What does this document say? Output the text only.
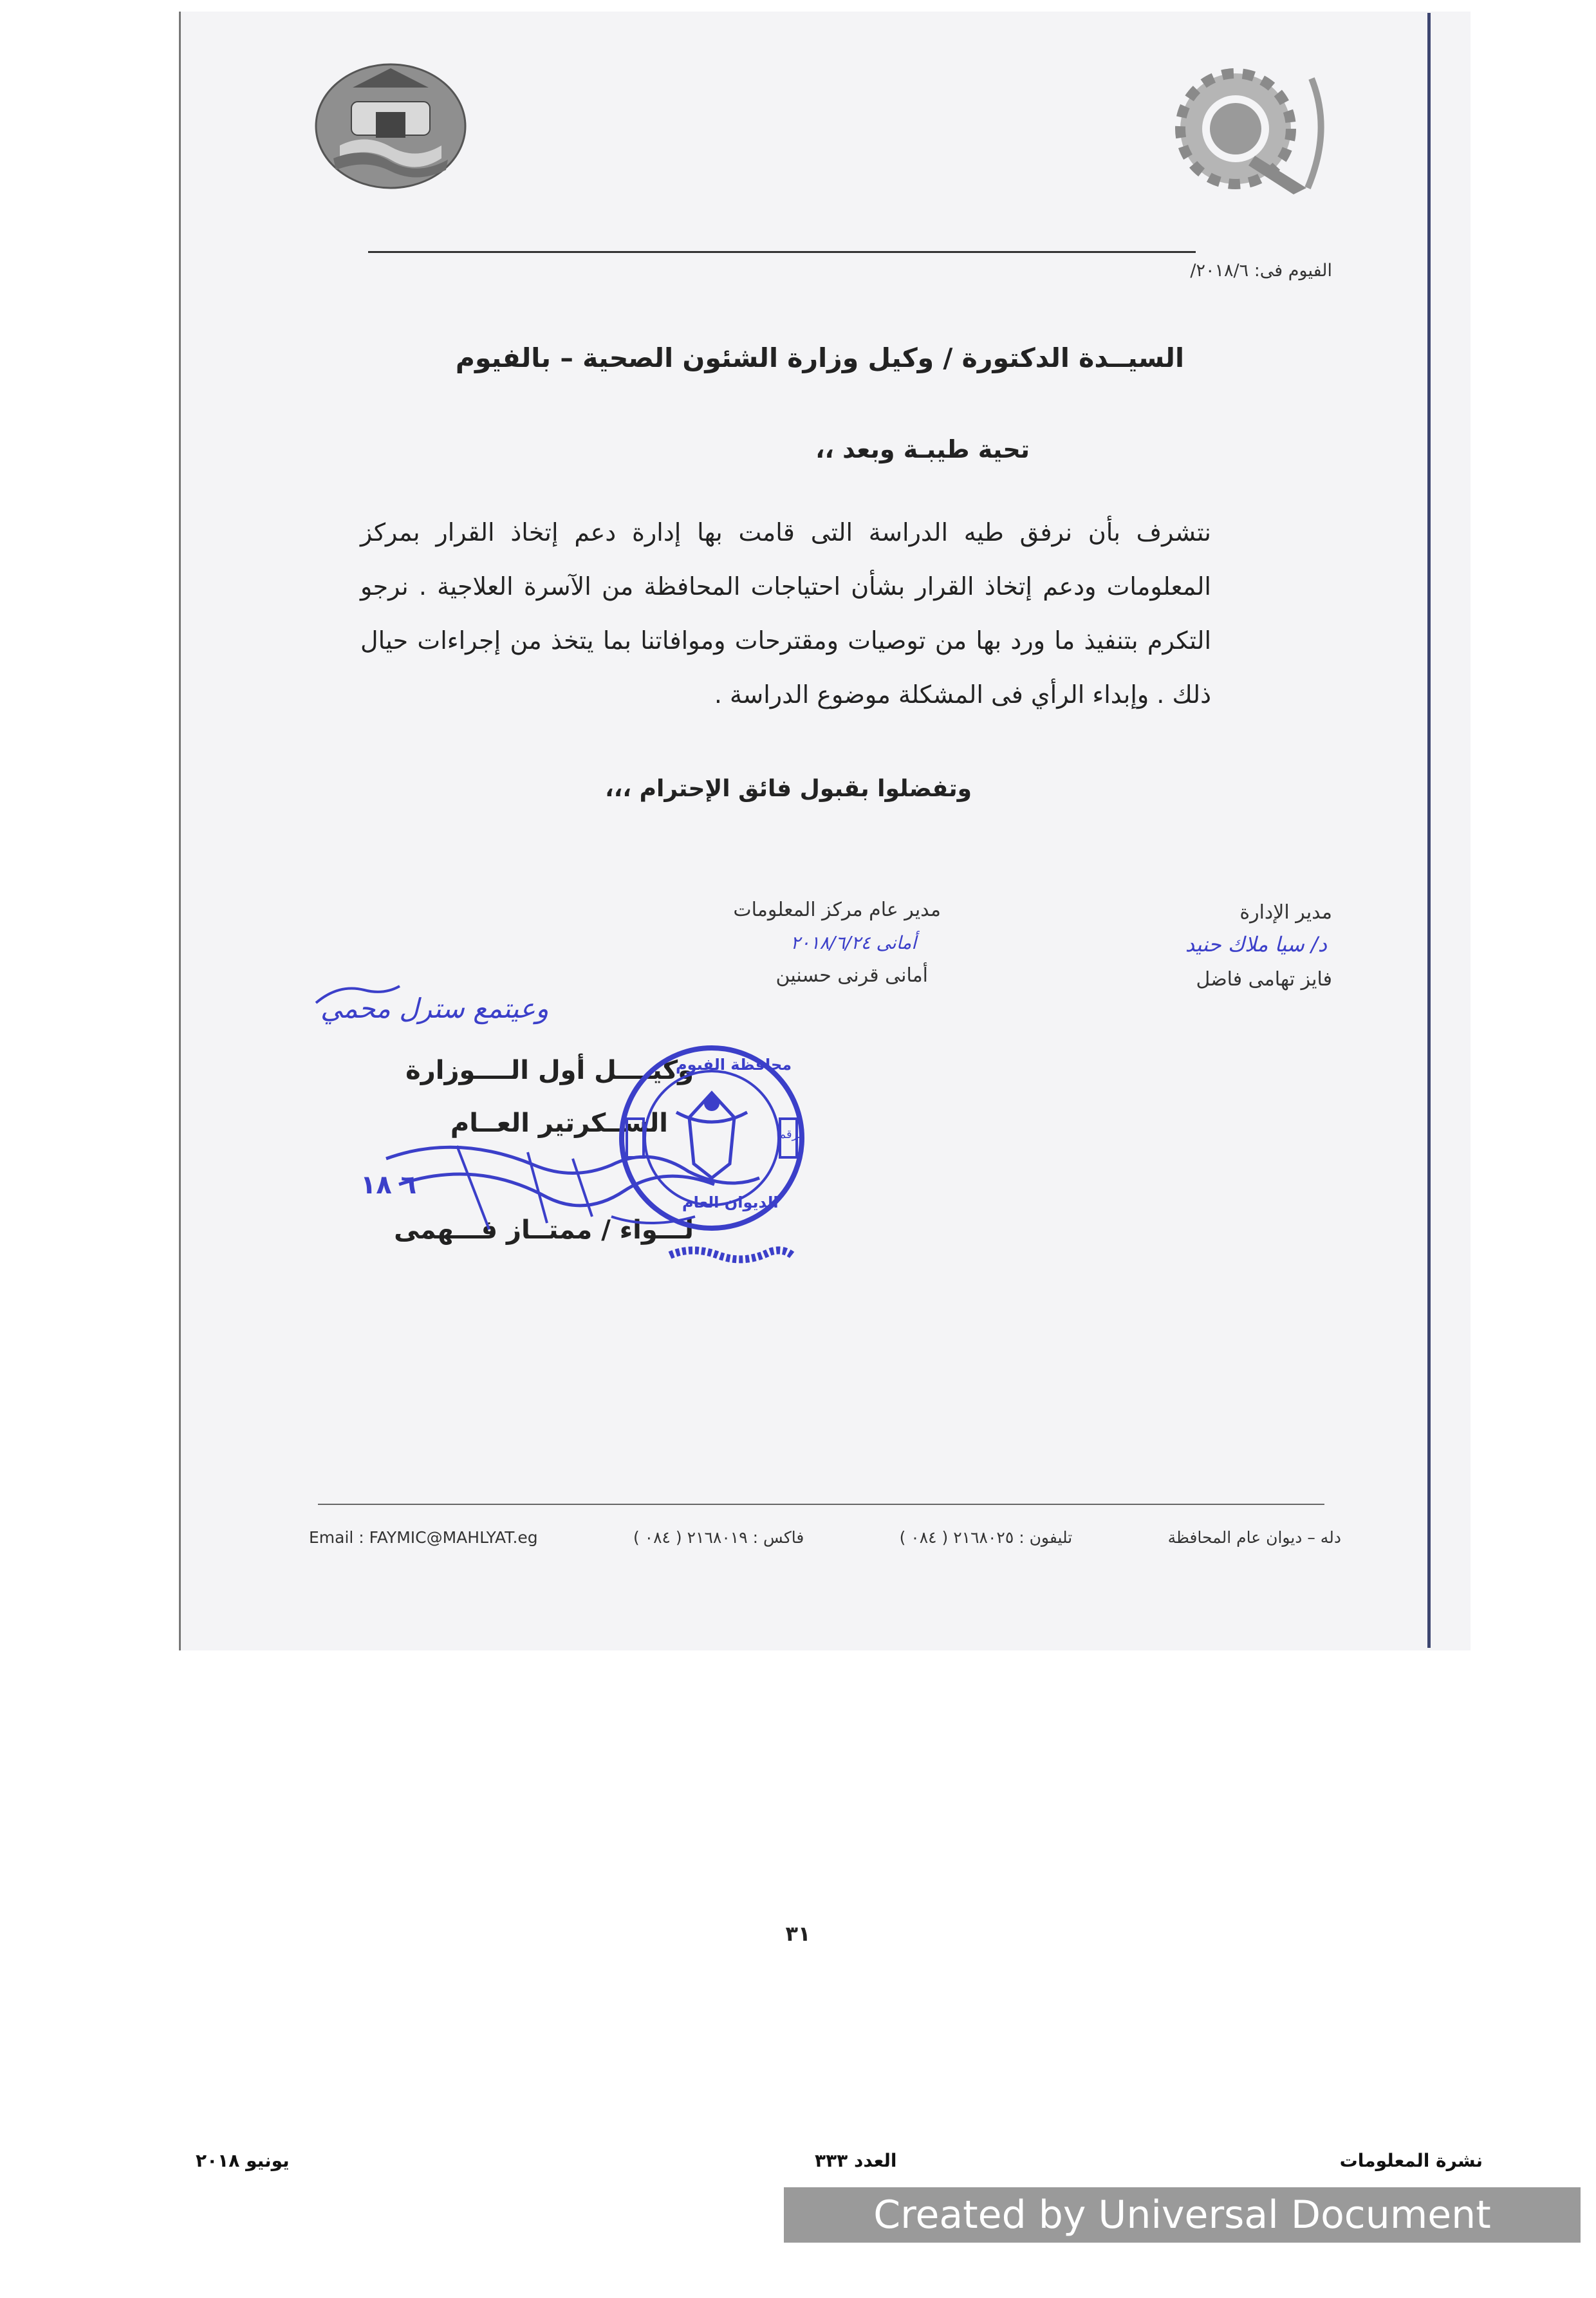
الفيوم فى: ٢٠١٨/٦/
السيــدة الدكتورة / وكيل وزارة الشئون الصحية – بالفيوم
تحية طيبـة وبعد ،،
نتشرف بأن نرفق طيه الدراسة التى قامت بها إدارة دعم إتخاذ القرار بمركز المعلومات ودعم إتخاذ القرار بشأن احتياجات المحافظة من الآسرة العلاجية . نرجو التكرم بتنفيذ ما ورد بها من توصيات ومقترحات وموافاتنا بما يتخذ من إجراءات حيال ذلك . وإبداء الرأي فى المشكلة موضوع الدراسة .
وتفضلوا بقبول فائق الإحترام ،،،
مدير الإدارة
د/ سيا ملاك حنيد
فايز تهامى فاضل
مدير عام مركز المعلومات
أمانى ٢٠١٨/٦/٢٤
أمانى قرنى حسنين
وعيتمع سترل محمي
وكيــــل أول الــــوزارة
الســكرتير العــام
لـــواء / ممتــاز فـــهمى
٦ ١٨
محافظة الفيوم
الديوان العام
الرقم
Email : FAYMIC@MAHLYAT.eg	فاكس : ٢١٦٨٠١٩ ( ٠٨٤ )	تليفون : ٢١٦٨٠٢٥ ( ٠٨٤ )	دله – ديوان عام المحافظة
٣١
يونيو ٢٠١٨	العدد ٣٣٣	نشرة المعلومات
Created by Universal Document Converter
